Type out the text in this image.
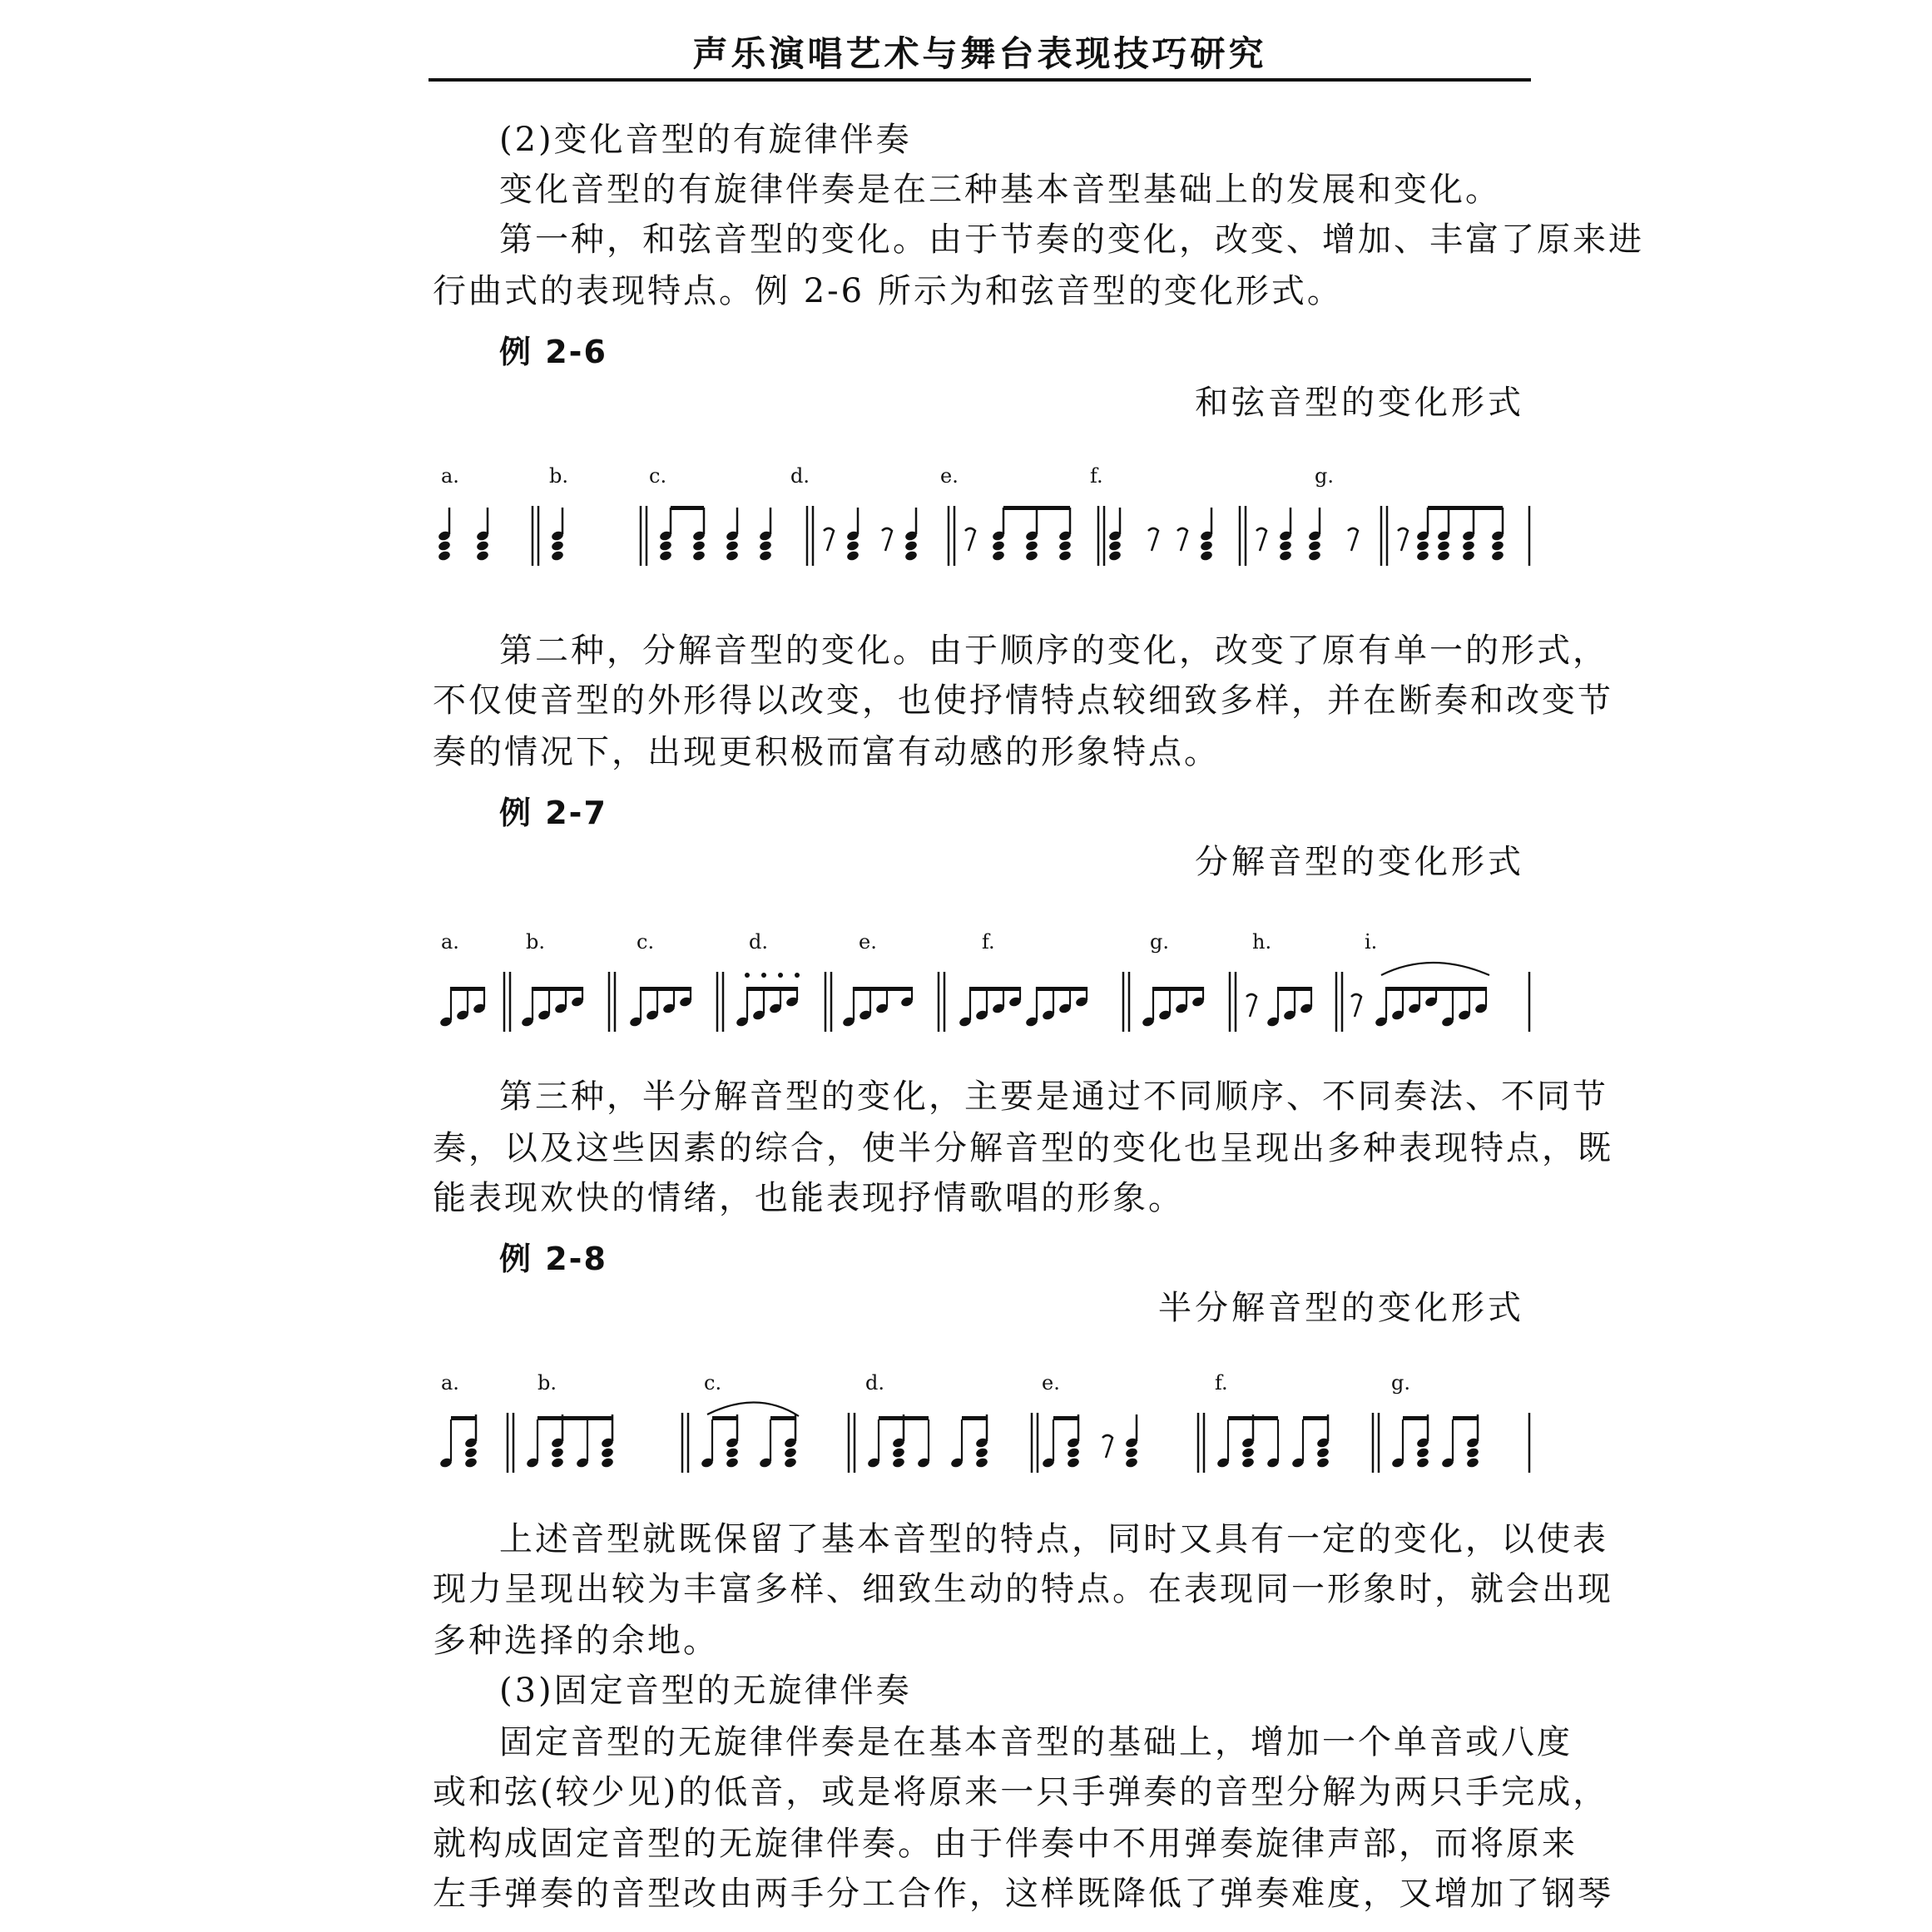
声乐演唱艺术与舞台表现技巧研究
(2)变化音型的有旋律伴奏
变化音型的有旋律伴奏是在三种基本音型基础上的发展和变化。
第一种，和弦音型的变化。由于节奏的变化，改变、增加、丰富了原来进
行曲式的表现特点。例 2-6 所示为和弦音型的变化形式。
例 2-6
和弦音型的变化形式
a.	b.	c.	d.	e.	f.	g.
第二种，分解音型的变化。由于顺序的变化，改变了原有单一的形式，
不仅使音型的外形得以改变，也使抒情特点较细致多样，并在断奏和改变节
奏的情况下，出现更积极而富有动感的形象特点。
例 2-7
分解音型的变化形式
a.	b.	c.	d.	e.	f.	g.	h.	i.
第三种，半分解音型的变化，主要是通过不同顺序、不同奏法、不同节
奏，以及这些因素的综合，使半分解音型的变化也呈现出多种表现特点，既
能表现欢快的情绪，也能表现抒情歌唱的形象。
例 2-8
半分解音型的变化形式
a.	b.	c.	d.	e.	f.	g.
上述音型就既保留了基本音型的特点，同时又具有一定的变化，以使表
现力呈现出较为丰富多样、细致生动的特点。在表现同一形象时，就会出现
多种选择的余地。
(3)固定音型的无旋律伴奏
固定音型的无旋律伴奏是在基本音型的基础上，增加一个单音或八度
或和弦(较少见)的低音，或是将原来一只手弹奏的音型分解为两只手完成，
就构成固定音型的无旋律伴奏。由于伴奏中不用弹奏旋律声部，而将原来
左手弹奏的音型改由两手分工合作，这样既降低了弹奏难度，又增加了钢琴
